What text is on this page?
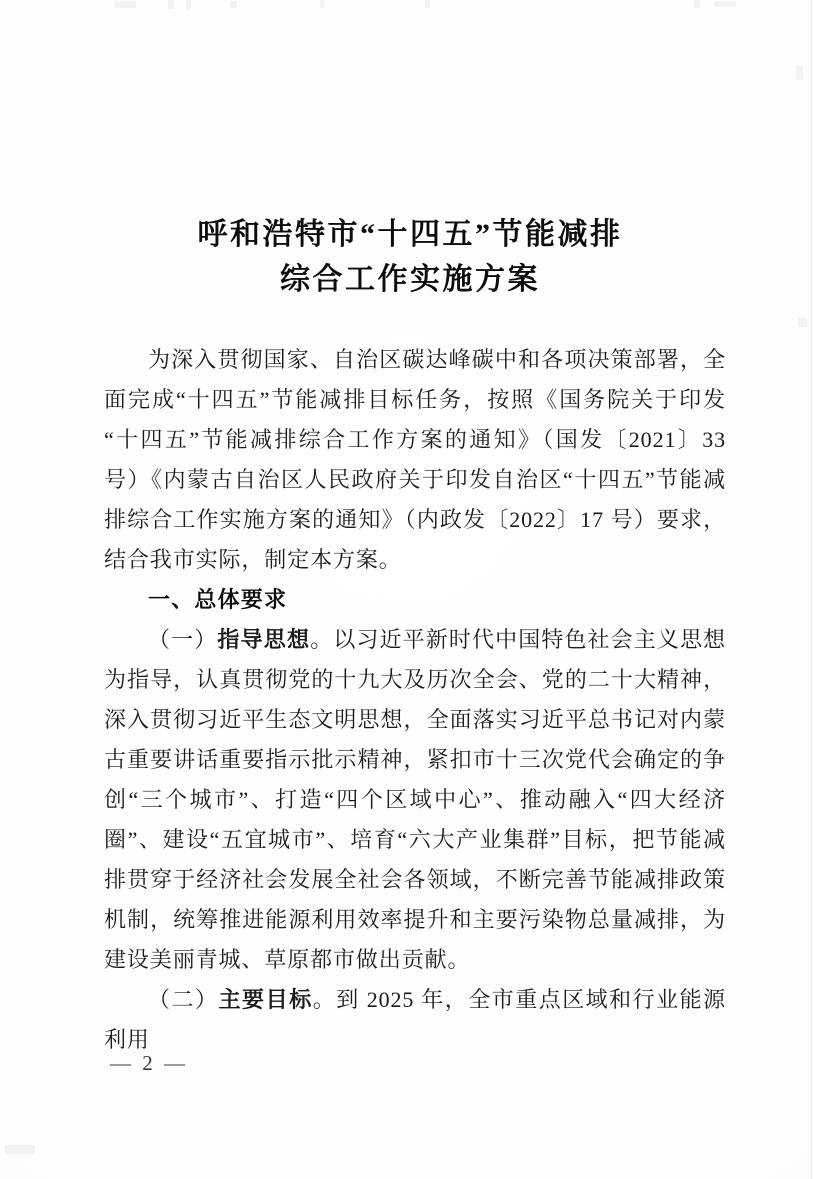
呼和浩特市“十四五”节能减排
综合工作实施方案

为深入贯彻国家、自治区碳达峰碳中和各项决策部署，全面完成“十四五”节能减排目标任务，按照《国务院关于印发“十四五”节能减排综合工作方案的通知》（国发〔2021〕33 号）《内蒙古自治区人民政府关于印发自治区“十四五”节能减排综合工作实施方案的通知》（内政发〔2022〕17 号）要求，结合我市实际，制定本方案。

一、总体要求

（一）指导思想。以习近平新时代中国特色社会主义思想为指导，认真贯彻党的十九大及历次全会、党的二十大精神，深入贯彻习近平生态文明思想，全面落实习近平总书记对内蒙古重要讲话重要指示批示精神，紧扣市十三次党代会确定的争创“三个城市”、打造“四个区域中心”、推动融入“四大经济圈”、建设“五宜城市”、培育“六大产业集群”目标，把节能减排贯穿于经济社会发展全社会各领域，不断完善节能减排政策机制，统筹推进能源利用效率提升和主要污染物总量减排，为建设美丽青城、草原都市做出贡献。

（二）主要目标。到 2025 年，全市重点区域和行业能源利用

— 2 —
